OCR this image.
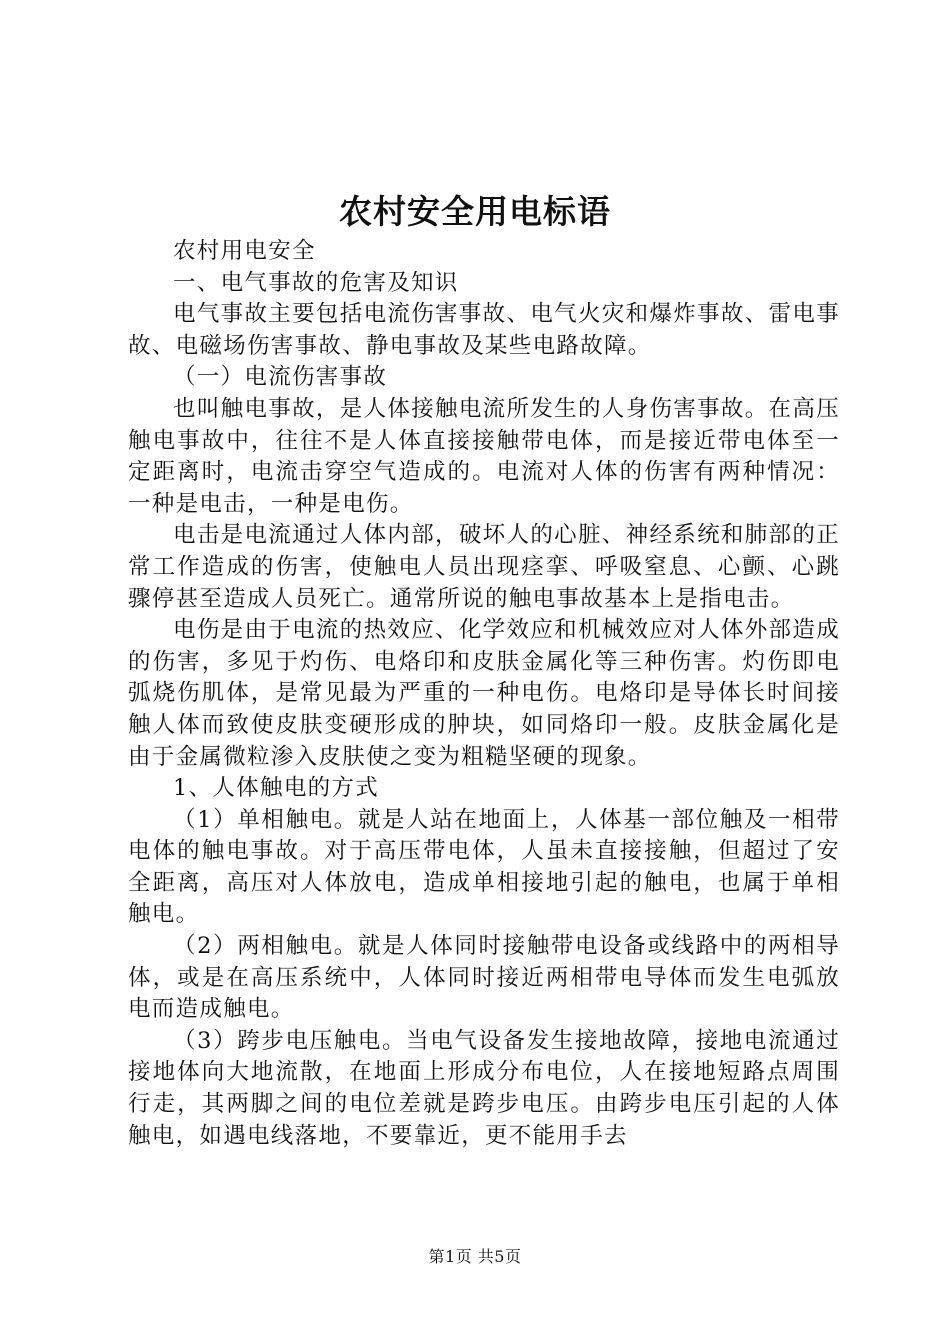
农村安全用电标语

农村用电安全

一、电气事故的危害及知识

电气事故主要包括电流伤害事故、电气火灾和爆炸事故、雷电事故、电磁场伤害事故、静电事故及某些电路故障。

（一）电流伤害事故

也叫触电事故，是人体接触电流所发生的人身伤害事故。在高压触电事故中，往往不是人体直接接触带电体，而是接近带电体至一定距离时，电流击穿空气造成的。电流对人体的伤害有两种情况：一种是电击，一种是电伤。

电击是电流通过人体内部，破坏人的心脏、神经系统和肺部的正常工作造成的伤害，使触电人员出现痉挛、呼吸窒息、心颤、心跳骤停甚至造成人员死亡。通常所说的触电事故基本上是指电击。

电伤是由于电流的热效应、化学效应和机械效应对人体外部造成的伤害，多见于灼伤、电烙印和皮肤金属化等三种伤害。灼伤即电弧烧伤肌体，是常见最为严重的一种电伤。电烙印是导体长时间接触人体而致使皮肤变硬形成的肿块，如同烙印一般。皮肤金属化是由于金属微粒渗入皮肤使之变为粗糙坚硬的现象。

1、人体触电的方式

（1）单相触电。就是人站在地面上，人体基一部位触及一相带电体的触电事故。对于高压带电体，人虽未直接接触，但超过了安全距离，高压对人体放电，造成单相接地引起的触电，也属于单相触电。

（2）两相触电。就是人体同时接触带电设备或线路中的两相导体，或是在高压系统中，人体同时接近两相带电导体而发生电弧放电而造成触电。

（3）跨步电压触电。当电气设备发生接地故障，接地电流通过接地体向大地流散，在地面上形成分布电位，人在接地短路点周围行走，其两脚之间的电位差就是跨步电压。由跨步电压引起的人体触电，如遇电线落地，不要靠近，更不能用手去

第1页 共5页
